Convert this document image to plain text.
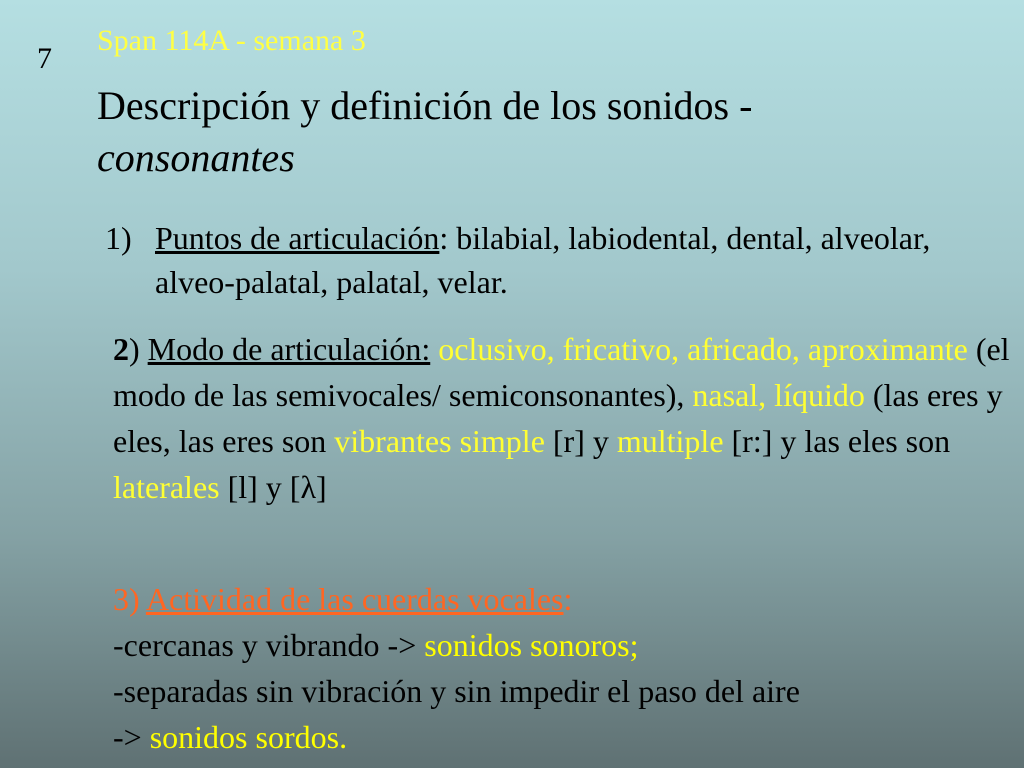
7
Span 114A - semana 3
Descripción y definición de los sonidos -
consonantes
1) Puntos de articulación: bilabial, labiodental, dental, alveolar, alveo-palatal, palatal, velar.
2) Modo de articulación: oclusivo, fricativo, africado, aproximante (el modo de las semivocales/ semiconsonantes), nasal, líquido (las eres y eles, las eres son vibrantes simple [r] y multiple [r:] y las eles son laterales [l] y [λ]
3) Actividad de las cuerdas vocales:
-cercanas y vibrando -> sonidos sonoros;
-separadas sin vibración y sin impedir el paso del aire
-> sonidos sordos.
